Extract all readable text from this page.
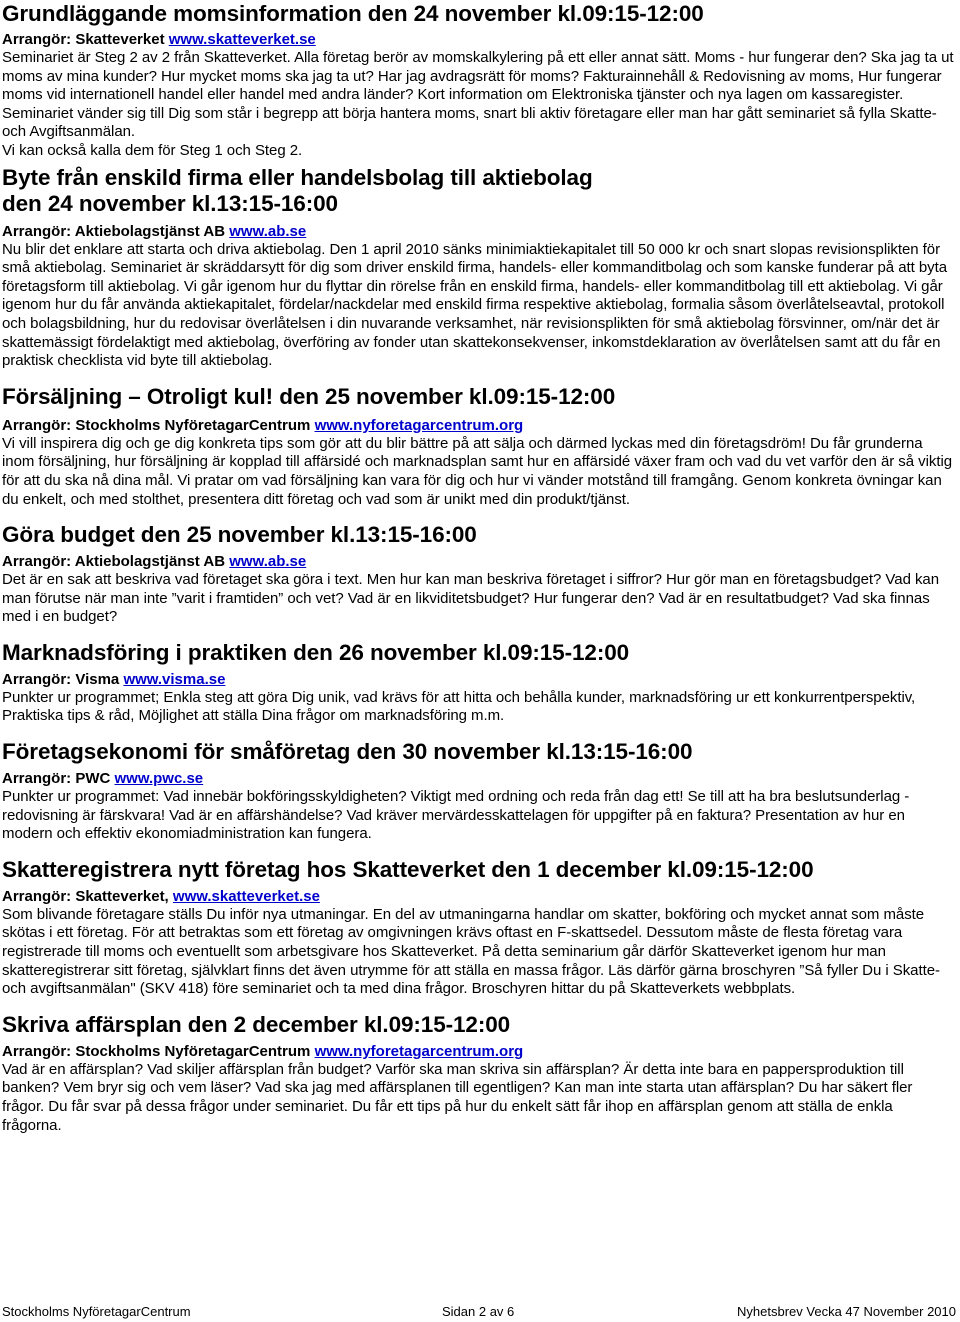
Grundläggande momsinformation den 24 november kl.09:15-12:00

Arrangör: Skatteverket www.skatteverket.se

Seminariet är Steg 2 av 2 från Skatteverket. Alla företag berör av momskalkylering på ett eller annat sätt. Moms - hur fungerar den? Ska jag ta ut moms av mina kunder? Hur mycket moms ska jag ta ut? Har jag avdragsrätt för moms? Fakturainnehåll & Redovisning av moms, Hur fungerar moms vid internationell handel eller handel med andra länder? Kort information om Elektroniska tjänster och nya lagen om kassaregister. Seminariet vänder sig till Dig som står i begrepp att börja hantera moms, snart bli aktiv företagare eller man har gått seminariet så fylla Skatte- och Avgiftsanmälan.

Vi kan också kalla dem för Steg 1 och Steg 2.

Byte från enskild firma eller handelsbolag till aktiebolag
den 24 november kl.13:15-16:00

Arrangör: Aktiebolagstjänst AB www.ab.se

Nu blir det enklare att starta och driva aktiebolag. Den 1 april 2010 sänks minimiaktiekapitalet till 50 000 kr och snart slopas revisionsplikten för små aktiebolag. Seminariet är skräddarsytt för dig som driver enskild firma, handels- eller kommanditbolag och som kanske funderar på att byta företagsform till aktiebolag. Vi går igenom hur du flyttar din rörelse från en enskild firma, handels- eller kommanditbolag till ett aktiebolag. Vi går igenom hur du får använda aktiekapitalet, fördelar/nackdelar med enskild firma respektive aktiebolag, formalia såsom överlåtelseavtal, protokoll och bolagsbildning, hur du redovisar överlåtelsen i din nuvarande verksamhet, när revisionsplikten för små aktiebolag försvinner, om/när det är skattemässigt fördelaktigt med aktiebolag, överföring av fonder utan skattekonsekvenser, inkomstdeklaration av överlåtelsen samt att du får en praktisk checklista vid byte till aktiebolag.

Försäljning – Otroligt kul! den 25 november kl.09:15-12:00

Arrangör: Stockholms NyföretagarCentrum www.nyforetagarcentrum.org

Vi vill inspirera dig och ge dig konkreta tips som gör att du blir bättre på att sälja och därmed lyckas med din företagsdröm! Du får grunderna inom försäljning, hur försäljning är kopplad till affärsidé och marknadsplan samt hur en affärsidé växer fram och vad du vet varför den är så viktig för att du ska nå dina mål. Vi pratar om vad försäljning kan vara för dig och hur vi vänder motstånd till framgång. Genom konkreta övningar kan du enkelt, och med stolthet, presentera ditt företag och vad som är unikt med din produkt/tjänst.

Göra budget den 25 november kl.13:15-16:00

Arrangör: Aktiebolagstjänst AB www.ab.se

Det är en sak att beskriva vad företaget ska göra i text. Men hur kan man beskriva företaget i siffror? Hur gör man en företagsbudget? Vad kan man förutse när man inte ”varit i framtiden” och vet? Vad är en likviditetsbudget? Hur fungerar den? Vad är en resultatbudget? Vad ska finnas med i en budget?

Marknadsföring i praktiken den 26 november kl.09:15-12:00

Arrangör: Visma www.visma.se

Punkter ur programmet; Enkla steg att göra Dig unik, vad krävs för att hitta och behålla kunder, marknadsföring ur ett konkurrentperspektiv, Praktiska tips & råd, Möjlighet att ställa Dina frågor om marknadsföring m.m.

Företagsekonomi för småföretag den 30 november kl.13:15-16:00

Arrangör: PWC www.pwc.se

Punkter ur programmet: Vad innebär bokföringsskyldigheten? Viktigt med ordning och reda från dag ett! Se till att ha bra beslutsunderlag - redovisning är färskvara! Vad är en affärshändelse? Vad kräver mervärdesskattelagen för uppgifter på en faktura? Presentation av hur en modern och effektiv ekonomiadministration kan fungera.

Skatteregistrera nytt företag hos Skatteverket den 1 december kl.09:15-12:00

Arrangör: Skatteverket, www.skatteverket.se

Som blivande företagare ställs Du inför nya utmaningar. En del av utmaningarna handlar om skatter, bokföring och mycket annat som måste skötas i ett företag. För att betraktas som ett företag av omgivningen krävs oftast en F-skattsedel. Dessutom måste de flesta företag vara registrerade till moms och eventuellt som arbetsgivare hos Skatteverket. På detta seminarium går därför Skatteverket igenom hur man skatteregistrerar sitt företag, självklart finns det även utrymme för att ställa en massa frågor. Läs därför gärna broschyren ”Så fyller Du i Skatte- och avgiftsanmälan" (SKV 418) före seminariet och ta med dina frågor. Broschyren hittar du på Skatteverkets webbplats.

Skriva affärsplan den 2 december kl.09:15-12:00

Arrangör: Stockholms NyföretagarCentrum www.nyforetagarcentrum.org

Vad är en affärsplan? Vad skiljer affärsplan från budget? Varför ska man skriva sin affärsplan? Är detta inte bara en pappersproduktion till banken? Vem bryr sig och vem läser? Vad ska jag med affärsplanen till egentligen? Kan man inte starta utan affärsplan? Du har säkert fler frågor. Du får svar på dessa frågor under seminariet. Du får ett tips på hur du enkelt sätt får ihop en affärsplan genom att ställa de enkla frågorna.

Stockholms NyföretagarCentrum	Sidan 2 av 6	Nyhetsbrev Vecka 47 November 2010
